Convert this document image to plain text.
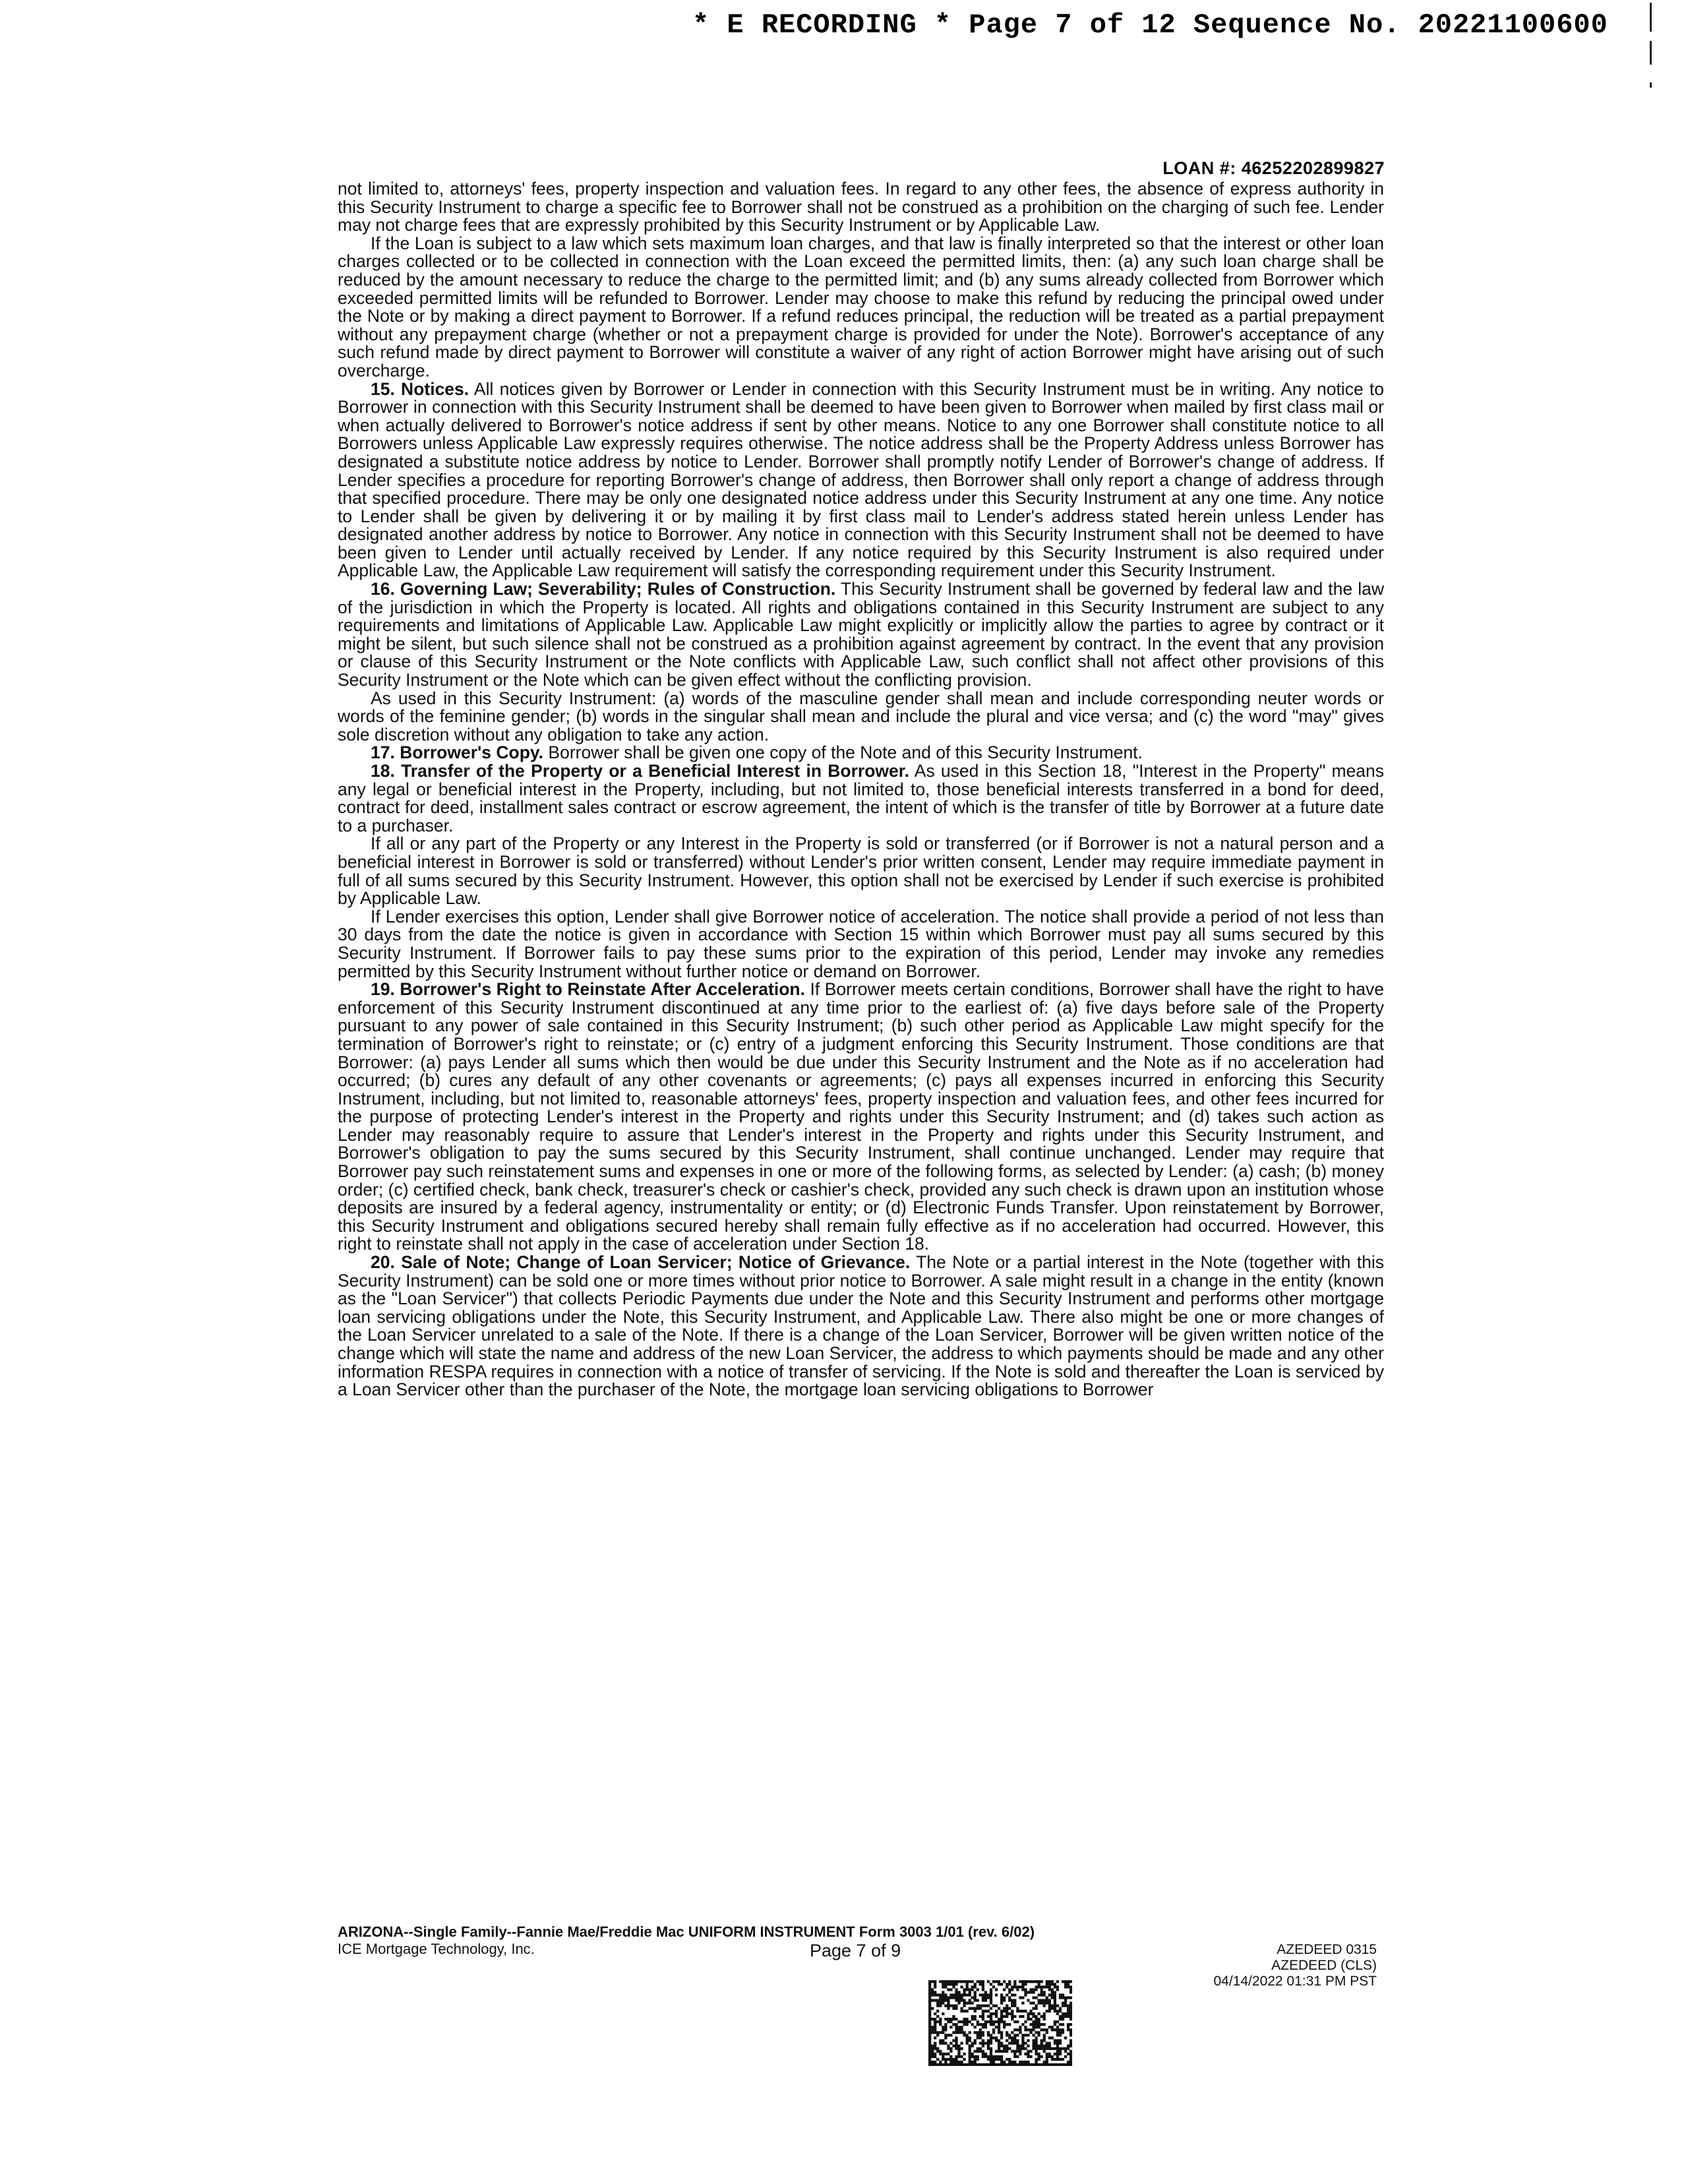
* E RECORDING * Page 7 of 12 Sequence No. 20221100600
LOAN #: 46252202899827

not limited to, attorneys' fees, property inspection and valuation fees. In regard to any other fees, the absence of express authority in this Security Instrument to charge a specific fee to Borrower shall not be construed as a prohibition on the charging of such fee. Lender may not charge fees that are expressly prohibited by this Security Instrument or by Applicable Law.

If the Loan is subject to a law which sets maximum loan charges, and that law is finally interpreted so that the interest or other loan charges collected or to be collected in connection with the Loan exceed the permitted limits, then: (a) any such loan charge shall be reduced by the amount necessary to reduce the charge to the permitted limit; and (b) any sums already collected from Borrower which exceeded permitted limits will be refunded to Borrower. Lender may choose to make this refund by reducing the principal owed under the Note or by making a direct payment to Borrower. If a refund reduces principal, the reduction will be treated as a partial prepayment without any prepayment charge (whether or not a prepayment charge is provided for under the Note). Borrower's acceptance of any such refund made by direct payment to Borrower will constitute a waiver of any right of action Borrower might have arising out of such overcharge.

15. Notices. All notices given by Borrower or Lender in connection with this Security Instrument must be in writing. Any notice to Borrower in connection with this Security Instrument shall be deemed to have been given to Borrower when mailed by first class mail or when actually delivered to Borrower's notice address if sent by other means. Notice to any one Borrower shall constitute notice to all Borrowers unless Applicable Law expressly requires otherwise. The notice address shall be the Property Address unless Borrower has designated a substitute notice address by notice to Lender. Borrower shall promptly notify Lender of Borrower's change of address. If Lender specifies a procedure for reporting Borrower's change of address, then Borrower shall only report a change of address through that specified procedure. There may be only one designated notice address under this Security Instrument at any one time. Any notice to Lender shall be given by delivering it or by mailing it by first class mail to Lender's address stated herein unless Lender has designated another address by notice to Borrower. Any notice in connection with this Security Instrument shall not be deemed to have been given to Lender until actually received by Lender. If any notice required by this Security Instrument is also required under Applicable Law, the Applicable Law requirement will satisfy the corresponding requirement under this Security Instrument.

16. Governing Law; Severability; Rules of Construction. This Security Instrument shall be governed by federal law and the law of the jurisdiction in which the Property is located. All rights and obligations contained in this Security Instrument are subject to any requirements and limitations of Applicable Law. Applicable Law might explicitly or implicitly allow the parties to agree by contract or it might be silent, but such silence shall not be construed as a prohibition against agreement by contract. In the event that any provision or clause of this Security Instrument or the Note conflicts with Applicable Law, such conflict shall not affect other provisions of this Security Instrument or the Note which can be given effect without the conflicting provision.

As used in this Security Instrument: (a) words of the masculine gender shall mean and include corresponding neuter words or words of the feminine gender; (b) words in the singular shall mean and include the plural and vice versa; and (c) the word "may" gives sole discretion without any obligation to take any action.

17. Borrower's Copy. Borrower shall be given one copy of the Note and of this Security Instrument.

18. Transfer of the Property or a Beneficial Interest in Borrower. As used in this Section 18, "Interest in the Property" means any legal or beneficial interest in the Property, including, but not limited to, those beneficial interests transferred in a bond for deed, contract for deed, installment sales contract or escrow agreement, the intent of which is the transfer of title by Borrower at a future date to a purchaser.

If all or any part of the Property or any Interest in the Property is sold or transferred (or if Borrower is not a natural person and a beneficial interest in Borrower is sold or transferred) without Lender's prior written consent, Lender may require immediate payment in full of all sums secured by this Security Instrument. However, this option shall not be exercised by Lender if such exercise is prohibited by Applicable Law.

If Lender exercises this option, Lender shall give Borrower notice of acceleration. The notice shall provide a period of not less than 30 days from the date the notice is given in accordance with Section 15 within which Borrower must pay all sums secured by this Security Instrument. If Borrower fails to pay these sums prior to the expiration of this period, Lender may invoke any remedies permitted by this Security Instrument without further notice or demand on Borrower.

19. Borrower's Right to Reinstate After Acceleration. If Borrower meets certain conditions, Borrower shall have the right to have enforcement of this Security Instrument discontinued at any time prior to the earliest of: (a) five days before sale of the Property pursuant to any power of sale contained in this Security Instrument; (b) such other period as Applicable Law might specify for the termination of Borrower's right to reinstate; or (c) entry of a judgment enforcing this Security Instrument. Those conditions are that Borrower: (a) pays Lender all sums which then would be due under this Security Instrument and the Note as if no acceleration had occurred; (b) cures any default of any other covenants or agreements; (c) pays all expenses incurred in enforcing this Security Instrument, including, but not limited to, reasonable attorneys' fees, property inspection and valuation fees, and other fees incurred for the purpose of protecting Lender's interest in the Property and rights under this Security Instrument; and (d) takes such action as Lender may reasonably require to assure that Lender's interest in the Property and rights under this Security Instrument, and Borrower's obligation to pay the sums secured by this Security Instrument, shall continue unchanged. Lender may require that Borrower pay such reinstatement sums and expenses in one or more of the following forms, as selected by Lender: (a) cash; (b) money order; (c) certified check, bank check, treasurer's check or cashier's check, provided any such check is drawn upon an institution whose deposits are insured by a federal agency, instrumentality or entity; or (d) Electronic Funds Transfer. Upon reinstatement by Borrower, this Security Instrument and obligations secured hereby shall remain fully effective as if no acceleration had occurred. However, this right to reinstate shall not apply in the case of acceleration under Section 18.

20. Sale of Note; Change of Loan Servicer; Notice of Grievance. The Note or a partial interest in the Note (together with this Security Instrument) can be sold one or more times without prior notice to Borrower. A sale might result in a change in the entity (known as the "Loan Servicer") that collects Periodic Payments due under the Note and this Security Instrument and performs other mortgage loan servicing obligations under the Note, this Security Instrument, and Applicable Law. There also might be one or more changes of the Loan Servicer unrelated to a sale of the Note. If there is a change of the Loan Servicer, Borrower will be given written notice of the change which will state the name and address of the new Loan Servicer, the address to which payments should be made and any other information RESPA requires in connection with a notice of transfer of servicing. If the Note is sold and thereafter the Loan is serviced by a Loan Servicer other than the purchaser of the Note, the mortgage loan servicing obligations to Borrower

ARIZONA--Single Family--Fannie Mae/Freddie Mac UNIFORM INSTRUMENT Form 3003 1/01 (rev. 6/02)
ICE Mortgage Technology, Inc.	Page 7 of 9	AZEDEED 0315
AZEDEED (CLS)
04/14/2022 01:31 PM PST
